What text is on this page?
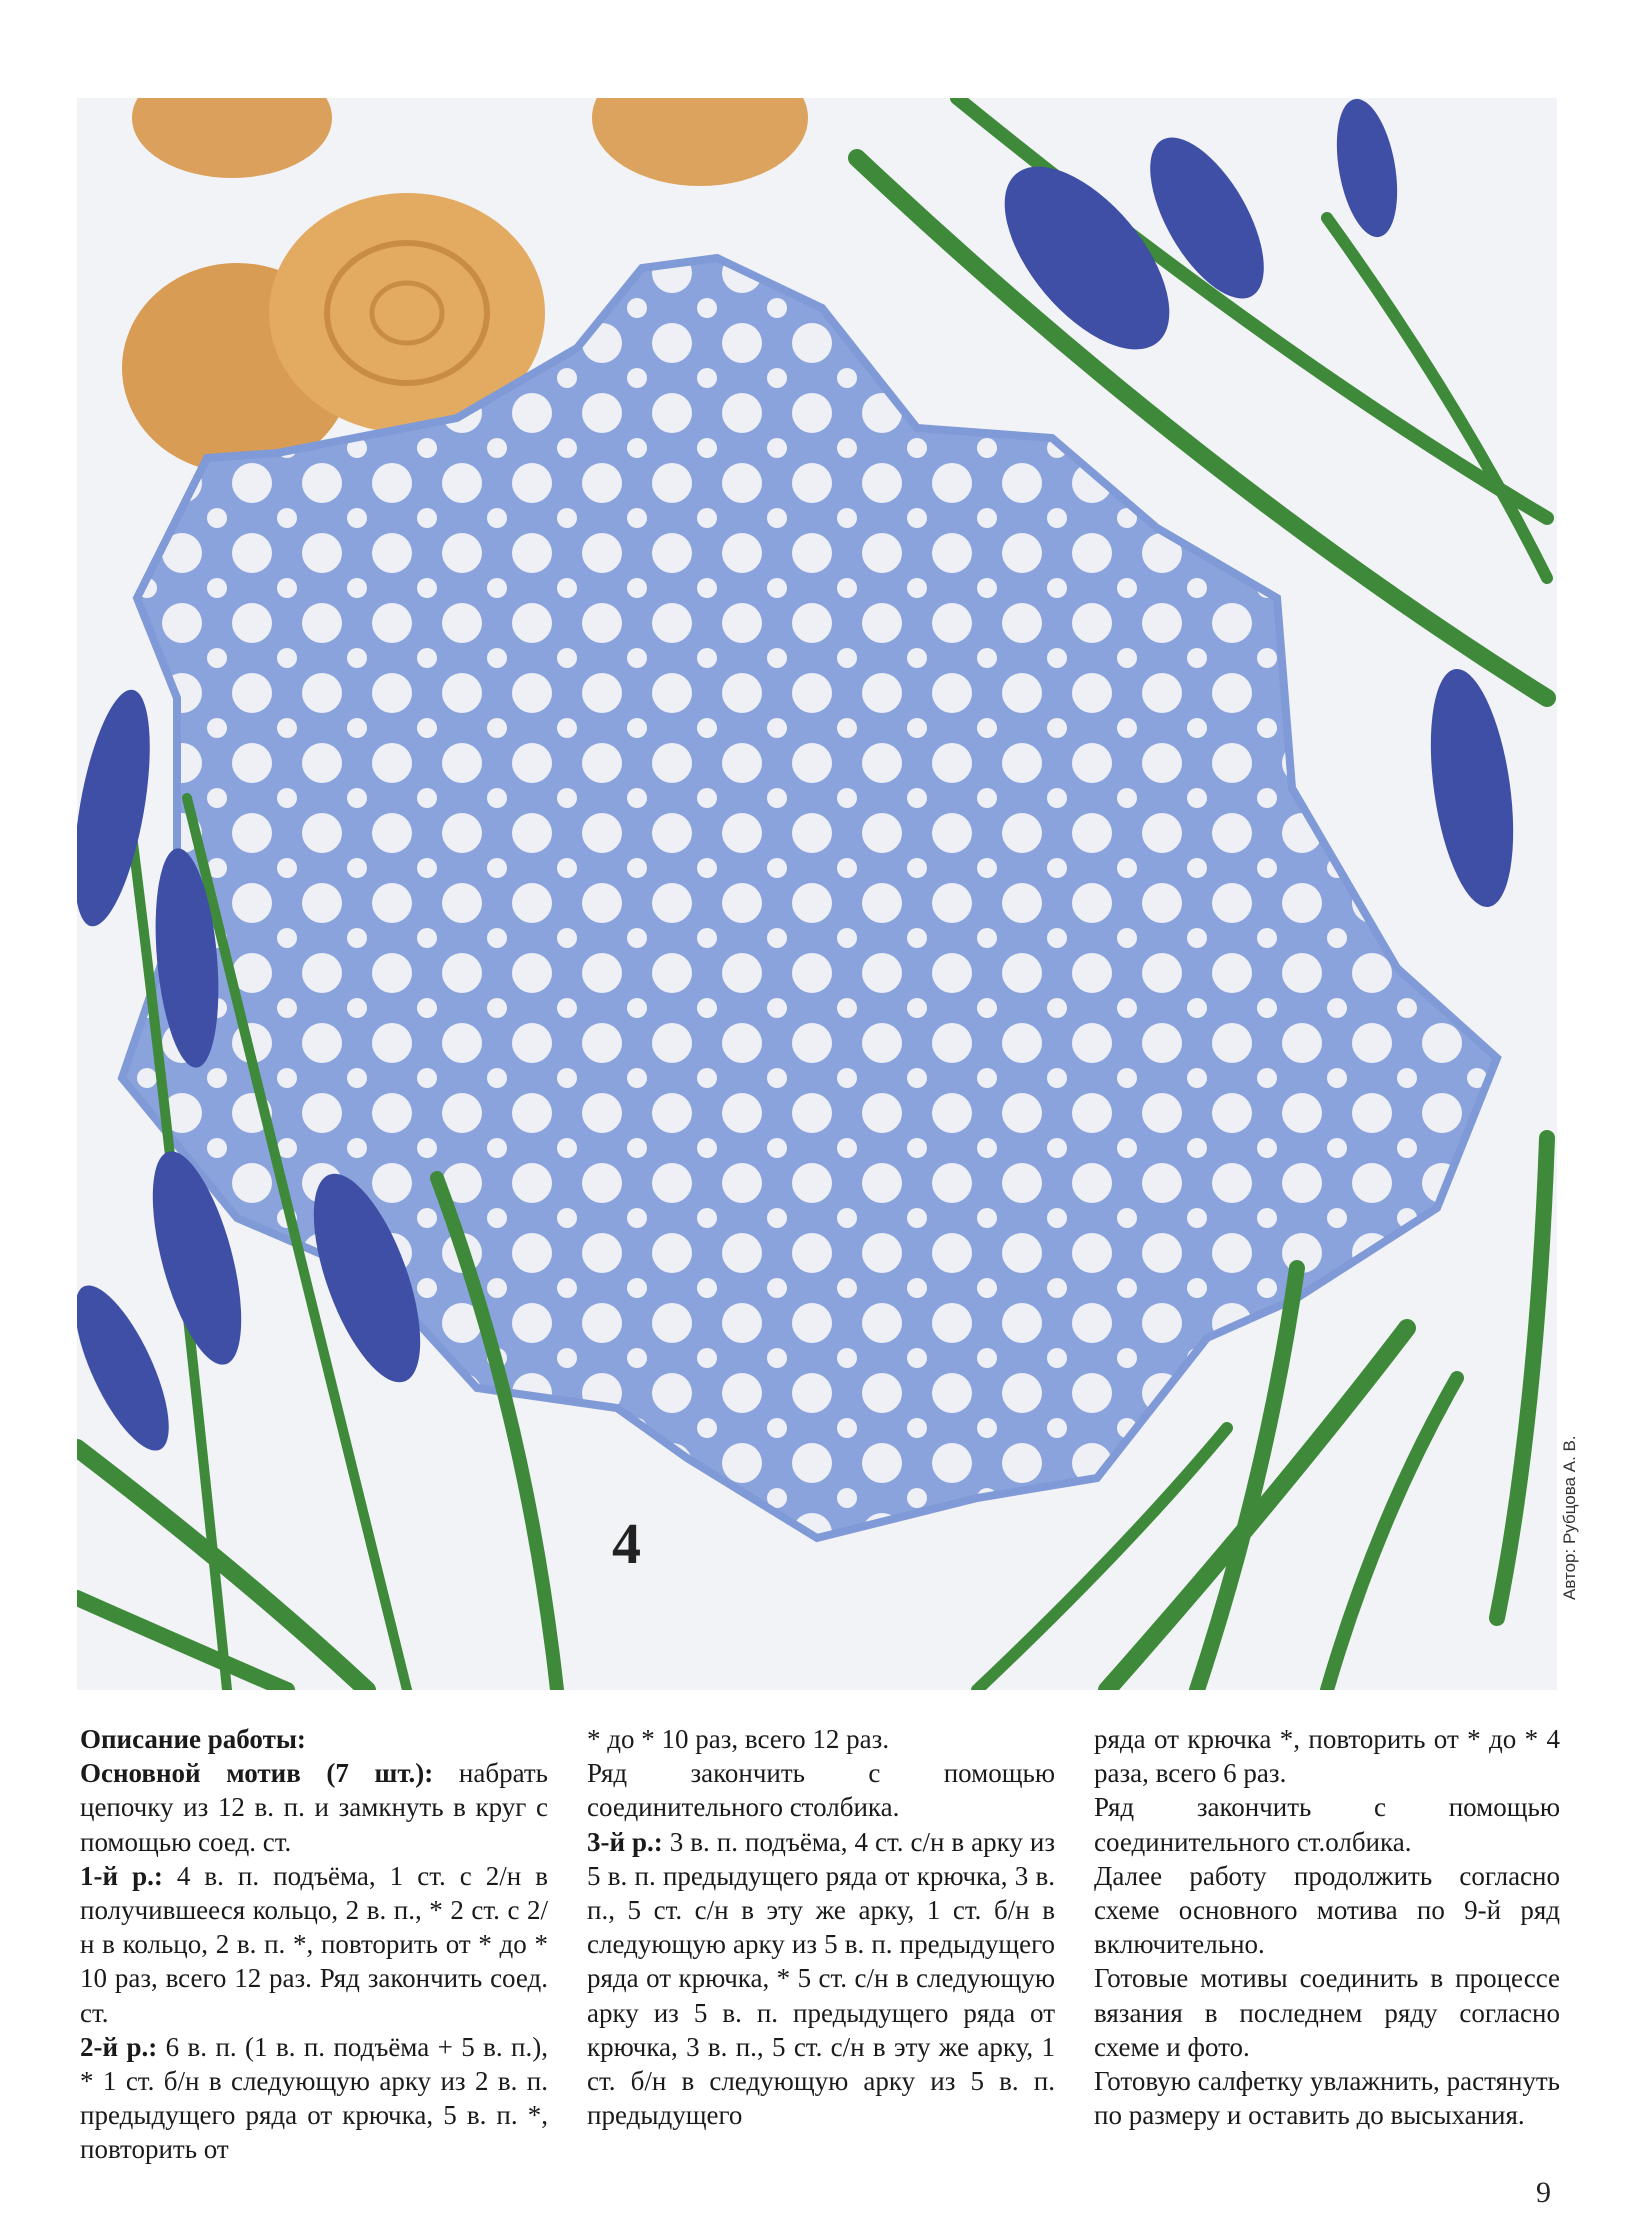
4	Автор: Рубцова А. В.

Описание работы:

Основной мотив (7 шт.): набрать цепочку из 12 в. п. и замкнуть в круг с помощью соед. ст.

1-й р.: 4 в. п. подъёма, 1 ст. с 2/н в получившееся кольцо, 2 в. п., * 2 ст. с 2/н в кольцо, 2 в. п. *, повторить от * до * 10 раз, всего 12 раз. Ряд закончить соед. ст.

2-й р.: 6 в. п. (1 в. п. подъёма + 5 в. п.), * 1 ст. б/н в следующую арку из 2 в. п. предыдущего ряда от крючка, 5 в. п. *, повторить от

* до * 10 раз, всего 12 раз.

Ряд закончить с помощью соединительного столбика.

3-й р.: 3 в. п. подъёма, 4 ст. с/н в арку из 5 в. п. предыдущего ряда от крючка, 3 в. п., 5 ст. с/н в эту же арку, 1 ст. б/н в следующую арку из 5 в. п. предыдущего ряда от крючка, * 5 ст. с/н в следующую арку из 5 в. п. предыдущего ряда от крючка, 3 в. п., 5 ст. с/н в эту же арку, 1 ст. б/н в следующую арку из 5 в. п. предыдущего

ряда от крючка *, повторить от * до * 4 раза, всего 6 раз.

Ряд закончить с помощью соединительного ст.олбика.

Далее работу продолжить согласно схеме основного мотива по 9-й ряд включительно.

Готовые мотивы соединить в процессе вязания в последнем ряду согласно схеме и фото.

Готовую салфетку увлажнить, растянуть по размеру и оставить до высыхания.

9
